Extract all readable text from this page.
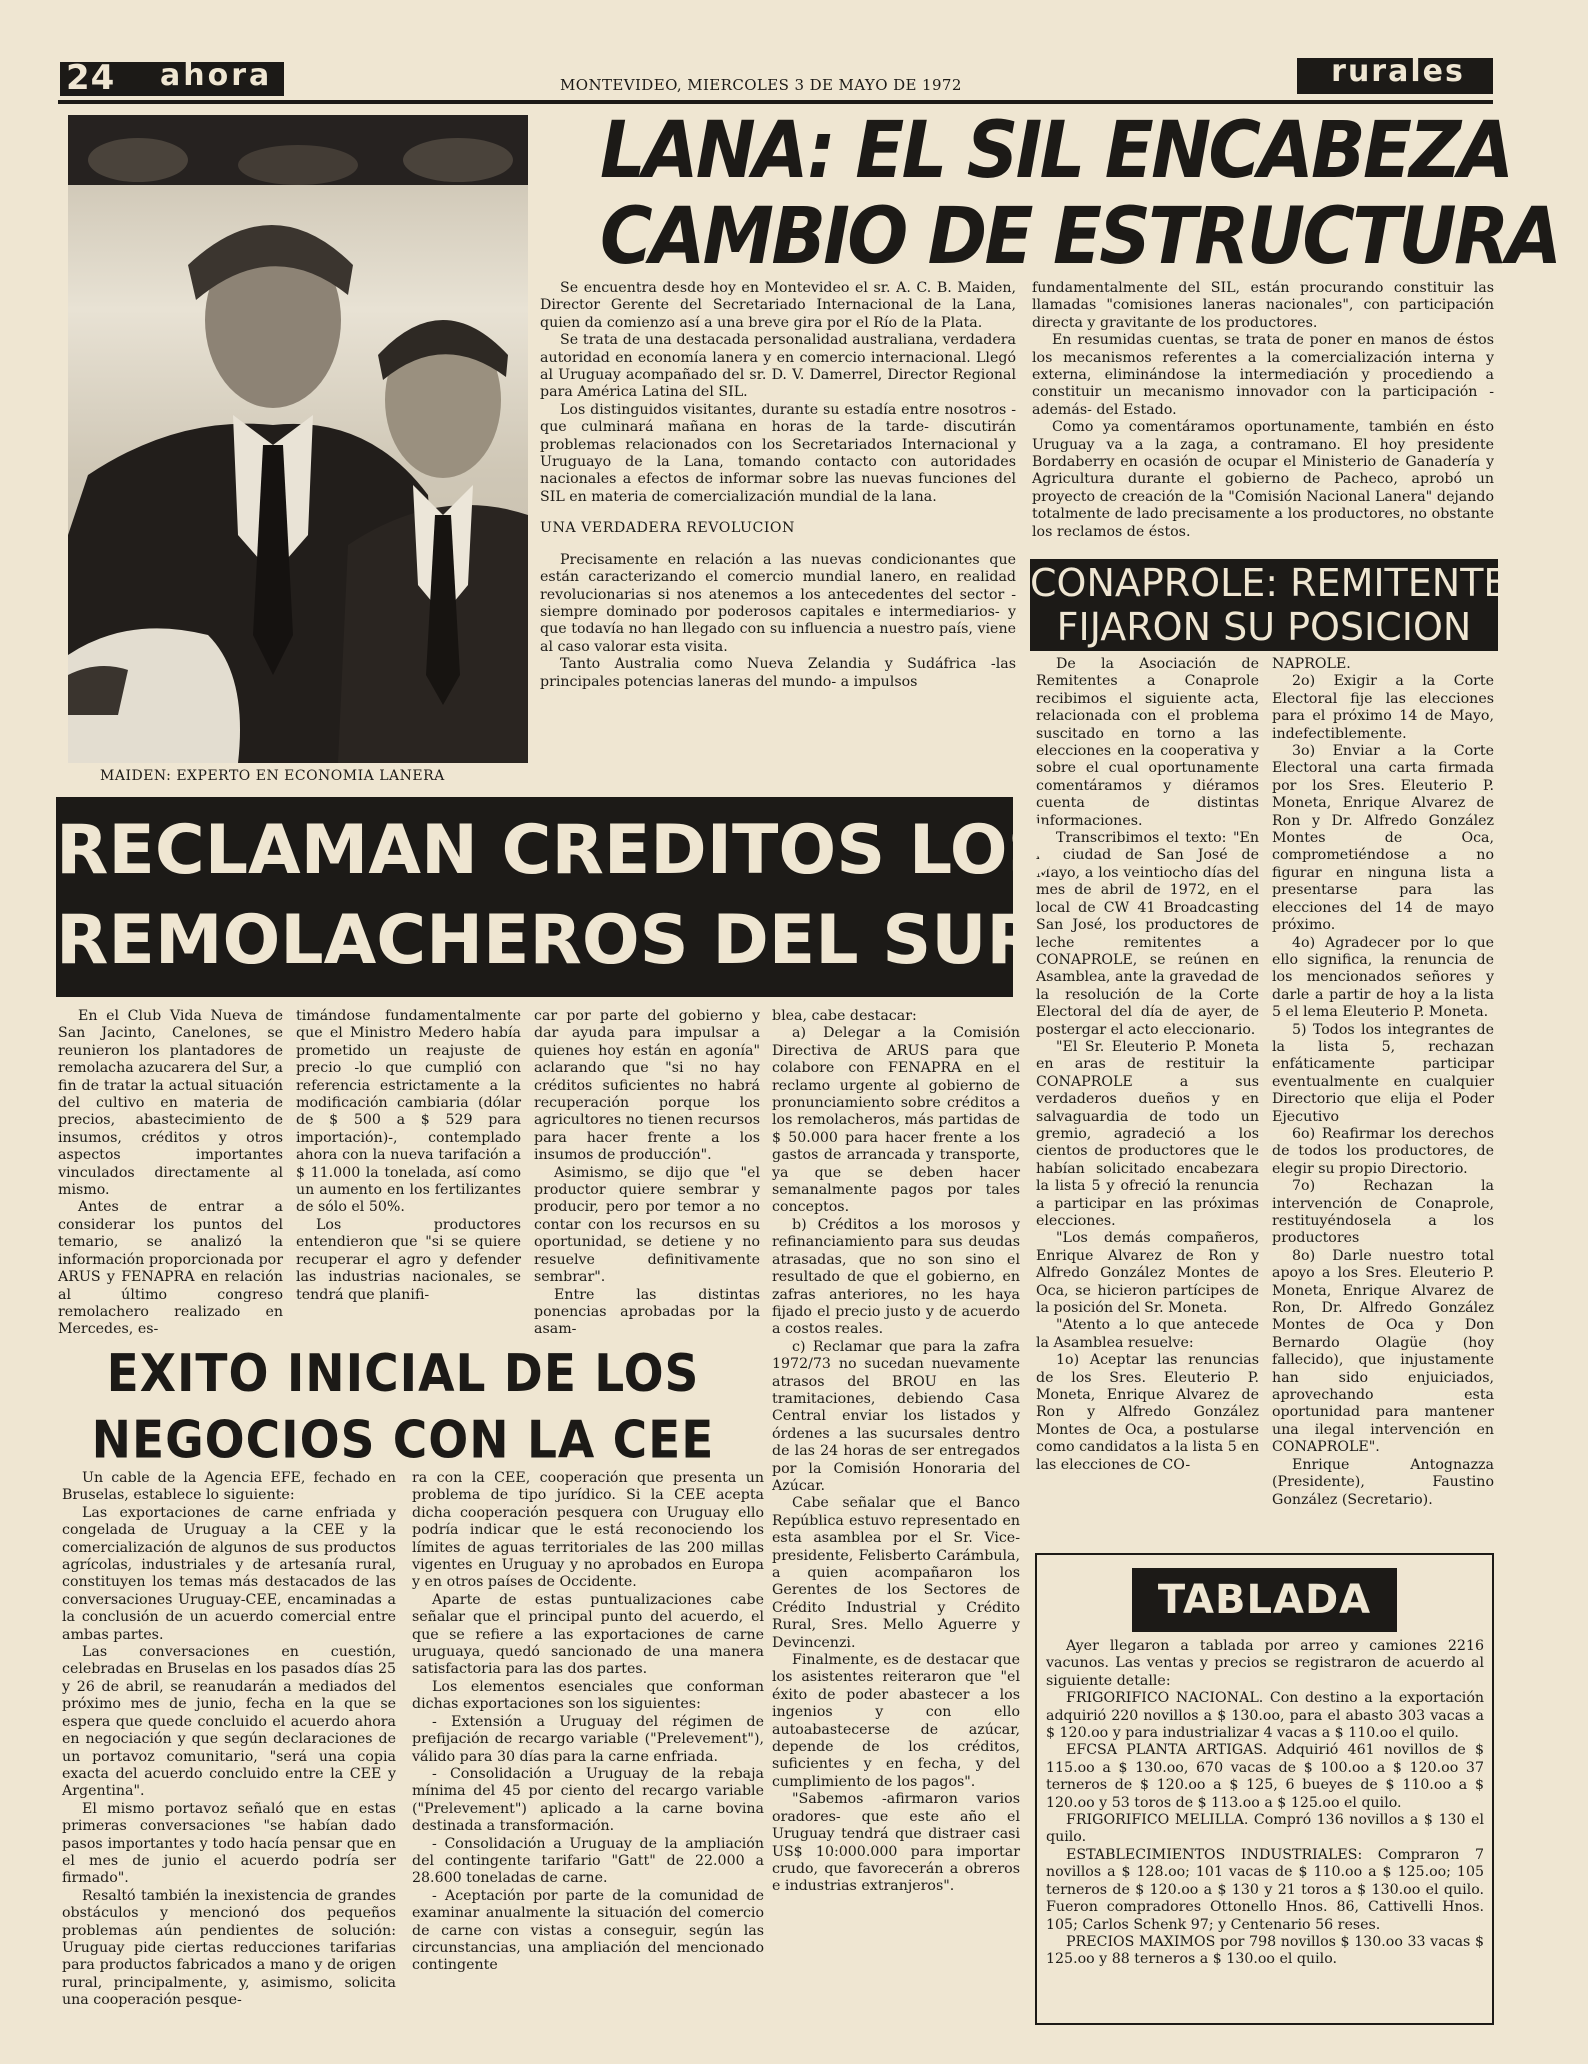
24	ahora	MONTEVIDEO, MIERCOLES 3 DE MAYO DE 1972	rurales
MAIDEN: EXPERTO EN ECONOMIA LANERA
LANA: EL SIL ENCABEZA
CAMBIO DE ESTRUCTURA

Se encuentra desde hoy en Montevideo el sr. A. C. B. Maiden, Director Gerente del Secretariado Internacional de la Lana, quien da comienzo así a una breve gira por el Río de la Plata.

Se trata de una destacada personalidad australiana, verdadera autoridad en economía lanera y en comercio internacional. Llegó al Uruguay acompañado del sr. D. V. Damerrel, Director Regional para América Latina del SIL.

Los distinguidos visitantes, durante su estadía entre nosotros -que culminará mañana en horas de la tarde- discutirán problemas relacionados con los Secretariados Internacional y Uruguayo de la Lana, tomando contacto con autoridades nacionales a efectos de informar sobre las nuevas funciones del SIL en materia de comercialización mundial de la lana.

UNA VERDADERA REVOLUCION

Precisamente en relación a las nuevas condicionantes que están caracterizando el comercio mundial lanero, en realidad revolucionarias si nos atenemos a los antecedentes del sector -siempre dominado por poderosos capitales e intermediarios- y que todavía no han llegado con su influencia a nuestro país, viene al caso valorar esta visita.

Tanto Australia como Nueva Zelandia y Sudáfrica -las principales potencias laneras del mundo- a impulsos

fundamentalmente del SIL, están procurando constituir las llamadas "comisiones laneras nacionales", con participación directa y gravitante de los productores.

En resumidas cuentas, se trata de poner en manos de éstos los mecanismos referentes a la comercialización interna y externa, eliminándose la intermediación y procediendo a constituir un mecanismo innovador con la participación -además- del Estado.

Como ya comentáramos oportunamente, también en ésto Uruguay va a la zaga, a contramano. El hoy presidente Bordaberry en ocasión de ocupar el Ministerio de Ganadería y Agricultura durante el gobierno de Pacheco, aprobó un proyecto de creación de la "Comisión Nacional Lanera" dejando totalmente de lado precisamente a los productores, no obstante los reclamos de éstos.

CONAPROLE: REMITENTES
FIJARON SU POSICION

De la Asociación de Remitentes a Conaprole recibimos el siguiente acta, relacionada con el problema suscitado en torno a las elecciones en la cooperativa y sobre el cual oportunamente comentáramos y diéramos cuenta de distintas informaciones.

Transcribimos el texto: "En la ciudad de San José de Mayo, a los veintiocho días del mes de abril de 1972, en el local de CW 41 Broadcasting San José, los productores de leche remitentes a CONAPROLE, se reúnen en Asamblea, ante la gravedad de la resolución de la Corte Electoral del día de ayer, de postergar el acto eleccionario.

"El Sr. Eleuterio P. Moneta en aras de restituir la CONAPROLE a sus verdaderos dueños y en salvaguardia de todo un gremio, agradeció a los cientos de productores que le habían solicitado encabezara la lista 5 y ofreció la renuncia a participar en las próximas elecciones.

"Los demás compañeros, Enrique Alvarez de Ron y Alfredo González Montes de Oca, se hicieron partícipes de la posición del Sr. Moneta.

"Atento a lo que antecede la Asamblea resuelve:

1o) Aceptar las renuncias de los Sres. Eleuterio P. Moneta, Enrique Alvarez de Ron y Alfredo González Montes de Oca, a postularse como candidatos a la lista 5 en las elecciones de CO-

NAPROLE.

2o) Exigir a la Corte Electoral fije las elecciones para el próximo 14 de Mayo, indefectiblemente.

3o) Enviar a la Corte Electoral una carta firmada por los Sres. Eleuterio P. Moneta, Enrique Alvarez de Ron y Dr. Alfredo González Montes de Oca, comprometiéndose a no figurar en ninguna lista a presentarse para las elecciones del 14 de mayo próximo.

4o) Agradecer por lo que ello significa, la renuncia de los mencionados señores y darle a partir de hoy a la lista 5 el lema Eleuterio P. Moneta.

5) Todos los integrantes de la lista 5, rechazan enfáticamente participar eventualmente en cualquier Directorio que elija el Poder Ejecutivo

6o) Reafirmar los derechos de todos los productores, de elegir su propio Directorio.

7o) Rechazan la intervención de Conaprole, restituyéndosela a los productores

8o) Darle nuestro total apoyo a los Sres. Eleuterio P. Moneta, Enrique Alvarez de Ron, Dr. Alfredo González Montes de Oca y Don Bernardo Olagüe (hoy fallecido), que injustamente han sido enjuiciados, aprovechando esta oportunidad para mantener una ilegal intervención en CONAPROLE".

Enrique Antognazza (Presidente), Faustino González (Secretario).

RECLAMAN CREDITOS LOS
REMOLACHEROS DEL SUR

En el Club Vida Nueva de San Jacinto, Canelones, se reunieron los plantadores de remolacha azucarera del Sur, a fin de tratar la actual situación del cultivo en materia de precios, abastecimiento de insumos, créditos y otros aspectos importantes vinculados directamente al mismo.

Antes de entrar a considerar los puntos del temario, se analizó la información proporcionada por ARUS y FENAPRA en relación al último congreso remolachero realizado en Mercedes, es-

timándose fundamentalmente que el Ministro Medero había prometido un reajuste de precio -lo que cumplió con referencia estrictamente a la modificación cambiaria (dólar de $ 500 a $ 529 para importación)-, contemplado ahora con la nueva tarifación a $ 11.000 la tonelada, así como un aumento en los fertilizantes de sólo el 50%.

Los productores entendieron que "si se quiere recuperar el agro y defender las industrias nacionales, se tendrá que planifi-

car por parte del gobierno y dar ayuda para impulsar a quienes hoy están en agonía" aclarando que "si no hay créditos suficientes no habrá recuperación porque los agricultores no tienen recursos para hacer frente a los insumos de producción".

Asimismo, se dijo que "el productor quiere sembrar y producir, pero por temor a no contar con los recursos en su oportunidad, se detiene y no resuelve definitivamente sembrar".

Entre las distintas ponencias aprobadas por la asam-

blea, cabe destacar:

a) Delegar a la Comisión Directiva de ARUS para que colabore con FENAPRA en el reclamo urgente al gobierno de pronunciamiento sobre créditos a los remolacheros, más partidas de $ 50.000 para hacer frente a los gastos de arrancada y transporte, ya que se deben hacer semanalmente pagos por tales conceptos.

b) Créditos a los morosos y refinanciamiento para sus deudas atrasadas, que no son sino el resultado de que el gobierno, en zafras anteriores, no les haya fijado el precio justo y de acuerdo a costos reales.

c) Reclamar que para la zafra 1972/73 no sucedan nuevamente atrasos del BROU en las tramitaciones, debiendo Casa Central enviar los listados y órdenes a las sucursales dentro de las 24 horas de ser entregados por la Comisión Honoraria del Azúcar.

Cabe señalar que el Banco República estuvo representado en esta asamblea por el Sr. Vice-presidente, Felisberto Carámbula, a quien acompañaron los Gerentes de los Sectores de Crédito Industrial y Crédito Rural, Sres. Mello Aguerre y Devincenzi.

Finalmente, es de destacar que los asistentes reiteraron que "el éxito de poder abastecer a los ingenios y con ello autoabastecerse de azúcar, depende de los créditos, suficientes y en fecha, y del cumplimiento de los pagos".

"Sabemos -afirmaron varios oradores- que este año el Uruguay tendrá que distraer casi US$ 10:000.000 para importar crudo, que favorecerán a obreros e industrias extranjeros".

EXITO INICIAL DE LOS
NEGOCIOS CON LA CEE

Un cable de la Agencia EFE, fechado en Bruselas, establece lo siguiente:

Las exportaciones de carne enfriada y congelada de Uruguay a la CEE y la comercialización de algunos de sus productos agrícolas, industriales y de artesanía rural, constituyen los temas más destacados de las conversaciones Uruguay-CEE, encaminadas a la conclusión de un acuerdo comercial entre ambas partes.

Las conversaciones en cuestión, celebradas en Bruselas en los pasados días 25 y 26 de abril, se reanudarán a mediados del próximo mes de junio, fecha en la que se espera que quede concluido el acuerdo ahora en negociación y que según declaraciones de un portavoz comunitario, "será una copia exacta del acuerdo concluido entre la CEE y Argentina".

El mismo portavoz señaló que en estas primeras conversaciones "se habían dado pasos importantes y todo hacía pensar que en el mes de junio el acuerdo podría ser firmado".

Resaltó también la inexistencia de grandes obstáculos y mencionó dos pequeños problemas aún pendientes de solución: Uruguay pide ciertas reducciones tarifarias para productos fabricados a mano y de origen rural, principalmente, y, asimismo, solicita una cooperación pesque-

ra con la CEE, cooperación que presenta un problema de tipo jurídico. Si la CEE acepta dicha cooperación pesquera con Uruguay ello podría indicar que le está reconociendo los límites de aguas territoriales de las 200 millas vigentes en Uruguay y no aprobados en Europa y en otros países de Occidente.

Aparte de estas puntualizaciones cabe señalar que el principal punto del acuerdo, el que se refiere a las exportaciones de carne uruguaya, quedó sancionado de una manera satisfactoria para las dos partes.

Los elementos esenciales que conforman dichas exportaciones son los siguientes:

- Extensión a Uruguay del régimen de prefijación de recargo variable ("Prelevement"), válido para 30 días para la carne enfriada.

- Consolidación a Uruguay de la rebaja mínima del 45 por ciento del recargo variable ("Prelevement") aplicado a la carne bovina destinada a transformación.

- Consolidación a Uruguay de la ampliación del contingente tarifario "Gatt" de 22.000 a 28.600 toneladas de carne.

- Aceptación por parte de la comunidad de examinar anualmente la situación del comercio de carne con vistas a conseguir, según las circunstancias, una ampliación del mencionado contingente

TABLADA

Ayer llegaron a tablada por arreo y camiones 2216 vacunos. Las ventas y precios se registraron de acuerdo al siguiente detalle:

FRIGORIFICO NACIONAL. Con destino a la exportación adquirió 220 novillos a $ 130.oo, para el abasto 303 vacas a $ 120.oo y para industrializar 4 vacas a $ 110.oo el quilo.

EFCSA PLANTA ARTIGAS. Adquirió 461 novillos de $ 115.oo a $ 130.oo, 670 vacas de $ 100.oo a $ 120.oo 37 terneros de $ 120.oo a $ 125, 6 bueyes de $ 110.oo a $ 120.oo y 53 toros de $ 113.oo a $ 125.oo el quilo.

FRIGORIFICO MELILLA. Compró 136 novillos a $ 130 el quilo.

ESTABLECIMIENTOS INDUSTRIALES: Compraron 7 novillos a $ 128.oo; 101 vacas de $ 110.oo a $ 125.oo; 105 terneros de $ 120.oo a $ 130 y 21 toros a $ 130.oo el quilo. Fueron compradores Ottonello Hnos. 86, Cattivelli Hnos. 105; Carlos Schenk 97; y Centenario 56 reses.

PRECIOS MAXIMOS por 798 novillos $ 130.oo 33 vacas $ 125.oo y 88 terneros a $ 130.oo el quilo.
